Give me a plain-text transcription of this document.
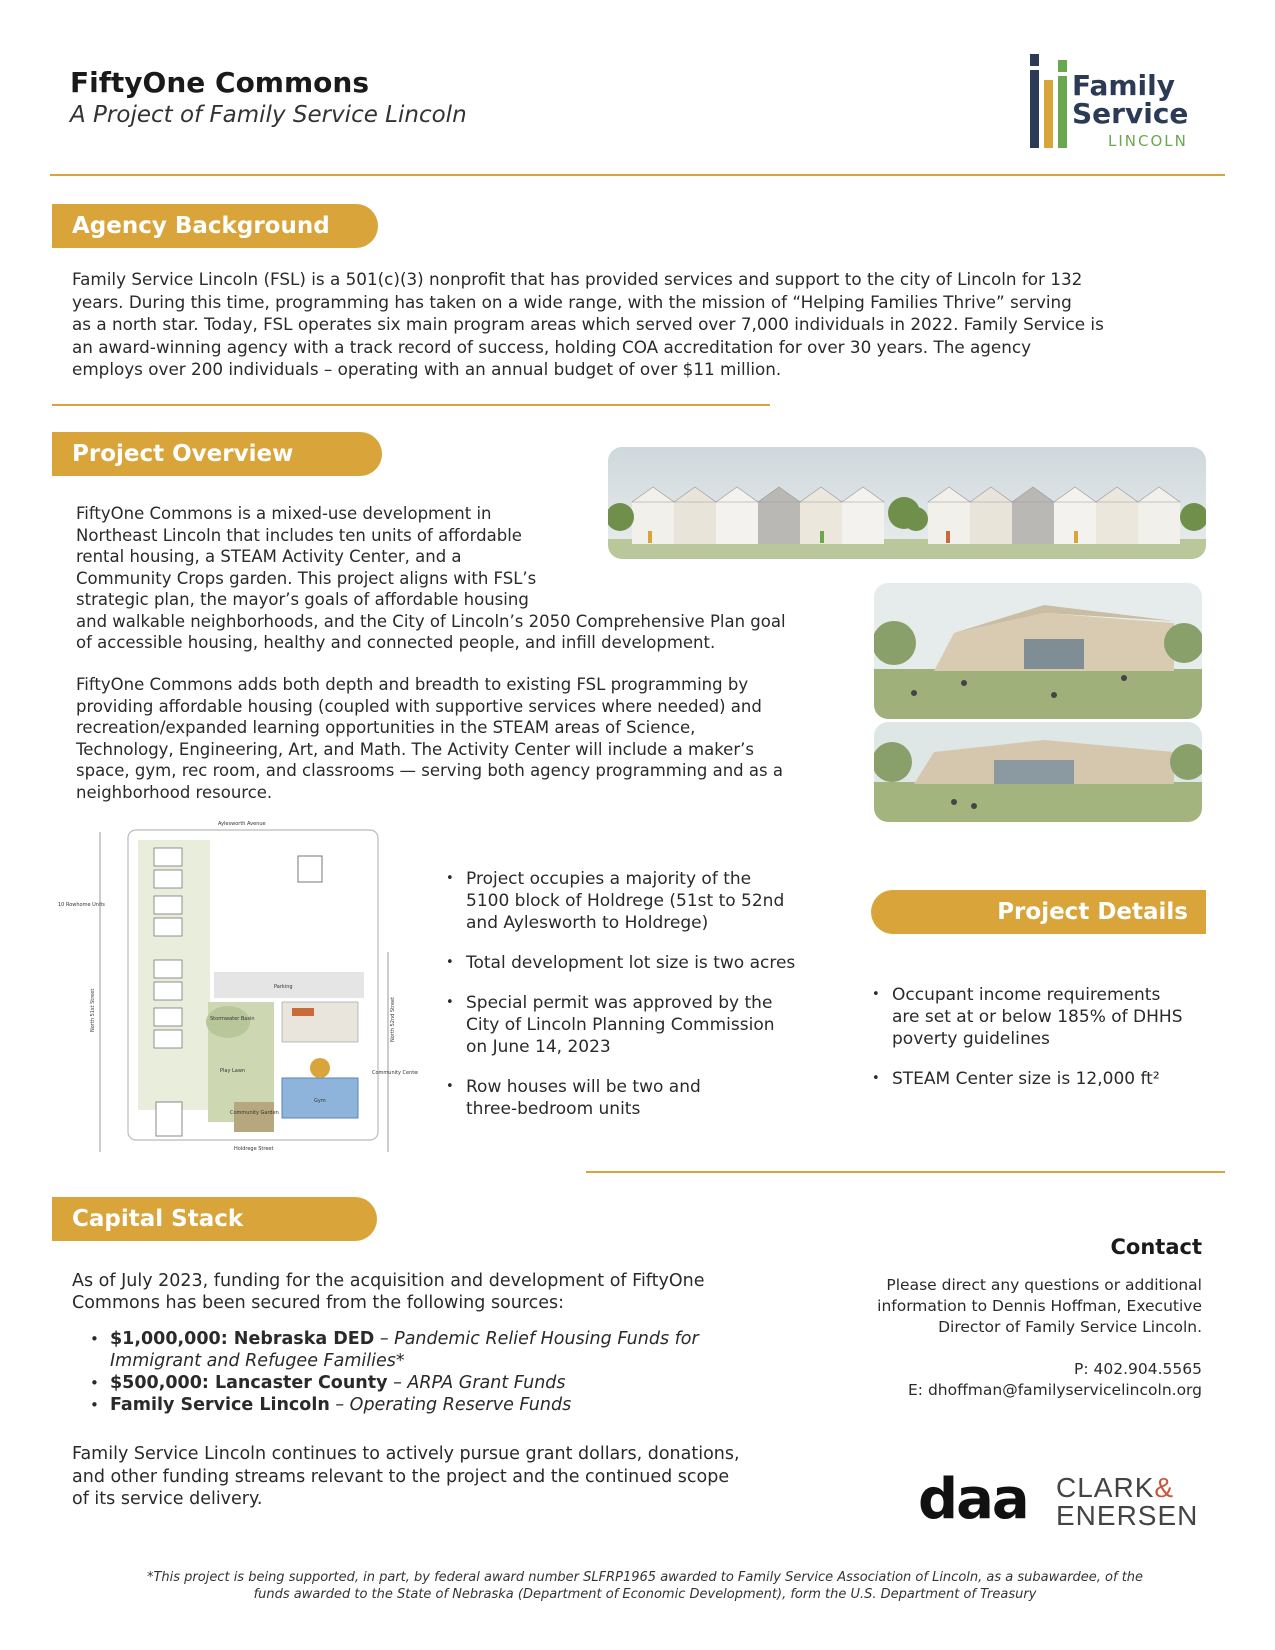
FiftyOne Commons
A Project of Family Service Lincoln
Family
Service
LINCOLN
Agency Background
Family Service Lincoln (FSL) is a 501(c)(3) nonprofit that has provided services and support to the city of Lincoln for 132
years. During this time, programming has taken on a wide range, with the mission of “Helping Families Thrive” serving
as a north star. Today, FSL operates six main program areas which served over 7,000 individuals in 2022. Family Service is
an award-winning agency with a track record of success, holding COA accreditation for over 30 years. The agency
employs over 200 individuals – operating with an annual budget of over $11 million.
Project Overview
FiftyOne Commons is a mixed-use development in
Northeast Lincoln that includes ten units of affordable
rental housing, a STEAM Activity Center, and a
Community Crops garden. This project aligns with FSL’s
strategic plan, the mayor’s goals of affordable housing
and walkable neighborhoods, and the City of Lincoln’s 2050 Comprehensive Plan goal
of accessible housing, healthy and connected people, and infill development.
FiftyOne Commons adds both depth and breadth to existing FSL programming by
providing affordable housing (coupled with supportive services where needed) and
recreation/expanded learning opportunities in the STEAM areas of Science,
Technology, Engineering, Art, and Math. The Activity Center will include a maker’s
space, gym, rec room, and classrooms — serving both agency programming and as a
neighborhood resource.
Aylesworth Avenue
Holdrege Street
10 Rowhome Units
Parking
Stormwater Basin
Play Lawn
Community Garden
Gym
Community Center
North 51st Street	North 52nd Street
• Project occupies a majority of the
5100 block of Holdrege (51st to 52nd
and Aylesworth to Holdrege)
• Total development lot size is two acres
• Special permit was approved by the
City of Lincoln Planning Commission
on June 14, 2023
• Row houses will be two and
three-bedroom units
Project Details
• Occupant income requirements
are set at or below 185% of DHHS
poverty guidelines
• STEAM Center size is 12,000 ft²
Capital Stack
As of July 2023, funding for the acquisition and development of FiftyOne
Commons has been secured from the following sources:
• $1,000,000: Nebraska DED – Pandemic Relief Housing Funds for
Immigrant and Refugee Families*
• $500,000: Lancaster County – ARPA Grant Funds
• Family Service Lincoln – Operating Reserve Funds
Family Service Lincoln continues to actively pursue grant dollars, donations,
and other funding streams relevant to the project and the continued scope
of its service delivery.
Contact
Please direct any questions or additional
information to Dennis Hoffman, Executive
Director of Family Service Lincoln.
P: 402.904.5565
E: dhoffman@familyservicelincoln.org
daa CLARK&
ENERSEN
*This project is being supported, in part, by federal award number SLFRP1965 awarded to Family Service Association of Lincoln, as a subawardee, of the
funds awarded to the State of Nebraska (Department of Economic Development), form the U.S. Department of Treasury
